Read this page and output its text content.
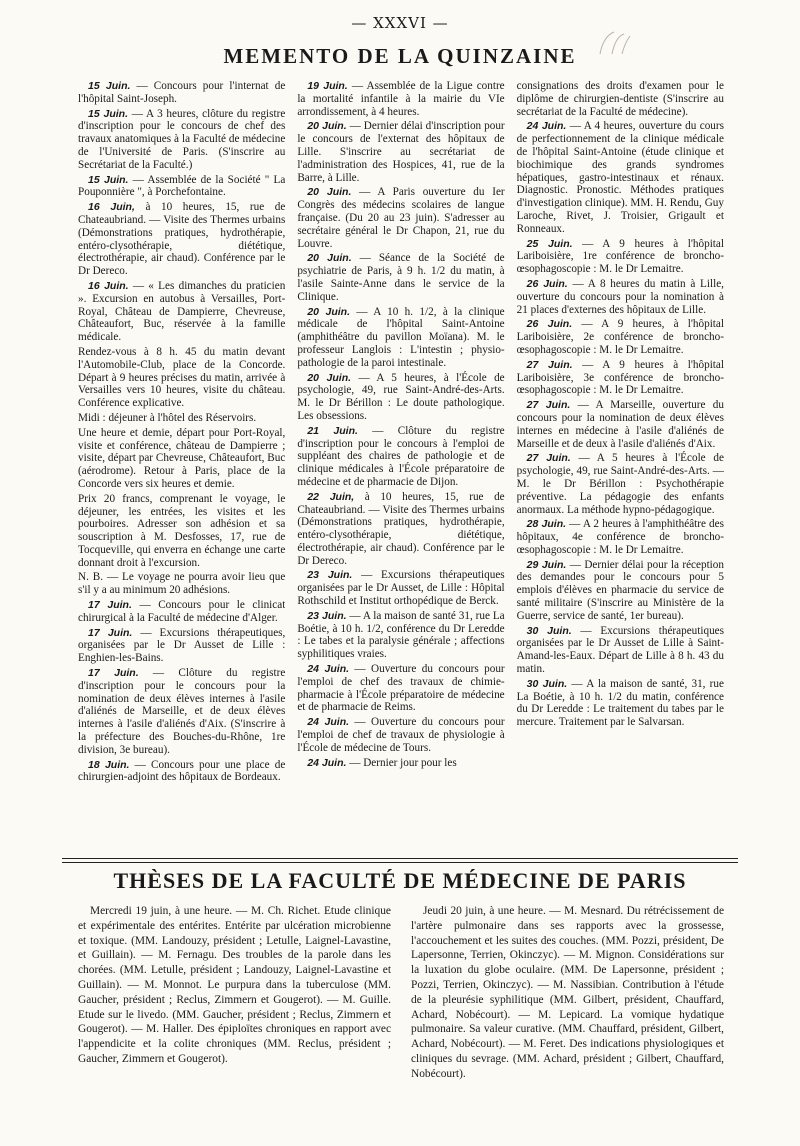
— XXXVI —
MEMENTO DE LA QUINZAINE

15 Juin. — Concours pour l'internat de l'hôpital Saint-Joseph.

15 Juin. — A 3 heures, clôture du registre d'inscription pour le concours de chef des travaux anatomiques à la Faculté de médecine de l'Université de Paris. (S'inscrire au Secrétariat de la Faculté.)

15 Juin. — Assemblée de la Société " La Pouponnière ", à Porchefontaine.

16 Juin, à 10 heures, 15, rue de Chateaubriand. — Visite des Thermes urbains (Démonstrations pratiques, hydrothérapie, entéro-clysothérapie, diététique, électrothérapie, air chaud). Conférence par le Dr Dereco.

16 Juin. — « Les dimanches du praticien ». Excursion en autobus à Versailles, Port-Royal, Château de Dampierre, Chevreuse, Châteaufort, Buc, réservée à la famille médicale.

Rendez-vous à 8 h. 45 du matin devant l'Automobile-Club, place de la Concorde. Départ à 9 heures précises du matin, arrivée à Versailles vers 10 heures, visite du château. Conférence explicative.

Midi : déjeuner à l'hôtel des Réservoirs.

Une heure et demie, départ pour Port-Royal, visite et conférence, château de Dampierre ; visite, départ par Chevreuse, Châteaufort, Buc (aérodrome). Retour à Paris, place de la Concorde vers six heures et demie.

Prix 20 francs, comprenant le voyage, le déjeuner, les entrées, les visites et les pourboires. Adresser son adhésion et sa souscription à M. Desfosses, 17, rue de Tocqueville, qui enverra en échange une carte donnant droit à l'excursion.

N. B. — Le voyage ne pourra avoir lieu que s'il y a au minimum 20 adhésions.

17 Juin. — Concours pour le clinicat chirurgical à la Faculté de médecine d'Alger.

17 Juin. — Excursions thérapeutiques, organisées par le Dr Ausset de Lille : Enghien-les-Bains.

17 Juin. — Clôture du registre d'inscription pour le concours pour la nomination de deux élèves internes à l'asile d'aliénés de Marseille, et de deux élèves internes à l'asile d'aliénés d'Aix. (S'inscrire à la préfecture des Bouches-du-Rhône, 1re division, 3e bureau).

18 Juin. — Concours pour une place de chirurgien-adjoint des hôpitaux de Bordeaux.

19 Juin. — Assemblée de la Ligue contre la mortalité infantile à la mairie du VIe arrondissement, à 4 heures.

20 Juin. — Dernier délai d'inscription pour le concours de l'externat des hôpitaux de Lille. S'inscrire au secrétariat de l'administration des Hospices, 41, rue de la Barre, à Lille.

20 Juin. — A Paris ouverture du Ier Congrès des médecins scolaires de langue française. (Du 20 au 23 juin). S'adresser au secrétaire général le Dr Chapon, 21, rue du Louvre.

20 Juin. — Séance de la Société de psychiatrie de Paris, à 9 h. 1/2 du matin, à l'asile Sainte-Anne dans le service de la Clinique.

20 Juin. — A 10 h. 1/2, à la clinique médicale de l'hôpital Saint-Antoine (amphithéâtre du pavillon Moïana). M. le professeur Langlois : L'intestin ; physio-pathologie de la paroi intestinale.

20 Juin. — A 5 heures, à l'École de psychologie, 49, rue Saint-André-des-Arts. M. le Dr Bérillon : Le doute pathologique. Les obsessions.

21 Juin. — Clôture du registre d'inscription pour le concours à l'emploi de suppléant des chaires de pathologie et de clinique médicales à l'École préparatoire de médecine et de pharmacie de Dijon.

22 Juin, à 10 heures, 15, rue de Chateaubriand. — Visite des Thermes urbains (Démonstrations pratiques, hydrothérapie, entéro-clysothérapie, diététique, électrothérapie, air chaud). Conférence par le Dr Dereco.

23 Juin. — Excursions thérapeutiques organisées par le Dr Ausset, de Lille : Hôpital Rothschild et Institut orthopédique de Berck.

23 Juin. — A la maison de santé 31, rue La Boétie, à 10 h. 1/2, conférence du Dr Leredde : Le tabes et la paralysie générale ; affections syphilitiques vraies.

24 Juin. — Ouverture du concours pour l'emploi de chef des travaux de chimie-pharmacie à l'École préparatoire de médecine et de pharmacie de Reims.

24 Juin. — Ouverture du concours pour l'emploi de chef de travaux de physiologie à l'École de médecine de Tours.

24 Juin. — Dernier jour pour les

consignations des droits d'examen pour le diplôme de chirurgien-dentiste (S'inscrire au secrétariat de la Faculté de médecine).

24 Juin. — A 4 heures, ouverture du cours de perfectionnement de la clinique médicale de l'hôpital Saint-Antoine (étude clinique et biochimique des grands syndromes hépatiques, gastro-intestinaux et rénaux. Diagnostic. Pronostic. Méthodes pratiques d'investigation clinique). MM. H. Rendu, Guy Laroche, Rivet, J. Troisier, Grigault et Ronneaux.

25 Juin. — A 9 heures à l'hôpital Lariboisière, 1re conférence de broncho-œsophagoscopie : M. le Dr Lemaitre.

26 Juin. — A 8 heures du matin à Lille, ouverture du concours pour la nomination à 21 places d'externes des hôpitaux de Lille.

26 Juin. — A 9 heures, à l'hôpital Lariboisière, 2e conférence de broncho-œsophagoscopie : M. le Dr Lemaitre.

27 Juin. — A 9 heures à l'hôpital Lariboisière, 3e conférence de broncho-œsophagoscopie : M. le Dr Lemaitre.

27 Juin. — A Marseille, ouverture du concours pour la nomination de deux élèves internes en médecine à l'asile d'aliénés de Marseille et de deux à l'asile d'aliénés d'Aix.

27 Juin. — A 5 heures à l'École de psychologie, 49, rue Saint-André-des-Arts. — M. le Dr Bérillon : Psychothérapie préventive. La pédagogie des enfants anormaux. La méthode hypno-pédagogique.

28 Juin. — A 2 heures à l'amphithéâtre des hôpitaux, 4e conférence de broncho-œsophagoscopie : M. le Dr Lemaitre.

29 Juin. — Dernier délai pour la réception des demandes pour le concours pour 5 emplois d'élèves en pharmacie du service de santé militaire (S'inscrire au Ministère de la Guerre, service de santé, 1er bureau).

30 Juin. — Excursions thérapeutiques organisées par le Dr Ausset de Lille à Saint-Amand-les-Eaux. Départ de Lille à 8 h. 43 du matin.

30 Juin. — A la maison de santé, 31, rue La Boétie, à 10 h. 1/2 du matin, conférence du Dr Leredde : Le traitement du tabes par le mercure. Traitement par le Salvarsan.

THÈSES DE LA FACULTÉ DE MÉDECINE DE PARIS

Mercredi 19 juin, à une heure. — M. Ch. Richet. Etude clinique et expérimentale des entérites. Entérite par ulcération microbienne et toxique. (MM. Landouzy, président ; Letulle, Laignel-Lavastine, et Guillain). — M. Fernagu. Des troubles de la parole dans les chorées. (MM. Letulle, président ; Landouzy, Laignel-Lavastine et Guillain). — M. Monnot. Le purpura dans la tuberculose (MM. Gaucher, président ; Reclus, Zimmern et Gougerot). — M. Guille. Etude sur le livedo. (MM. Gaucher, président ; Reclus, Zimmern et Gougerot). — M. Haller. Des épiploïtes chroniques en rapport avec l'appendicite et la colite chroniques (MM. Reclus, président ; Gaucher, Zimmern et Gougerot).

Jeudi 20 juin, à une heure. — M. Mesnard. Du rétrécissement de l'artère pulmonaire dans ses rapports avec la grossesse, l'accouchement et les suites des couches. (MM. Pozzi, président, De Lapersonne, Terrien, Okinczyc). — M. Mignon. Considérations sur la luxation du globe oculaire. (MM. De Lapersonne, président ; Pozzi, Terrien, Okinczyc). — M. Nassibian. Contribution à l'étude de la pleurésie syphilitique (MM. Gilbert, président, Chauffard, Achard, Nobécourt). — M. Lepicard. La vomique hydatique pulmonaire. Sa valeur curative. (MM. Chauffard, président, Gilbert, Achard, Nobécourt). — M. Feret. Des indications physiologiques et cliniques du sevrage. (MM. Achard, président ; Gilbert, Chauffard, Nobécourt).
